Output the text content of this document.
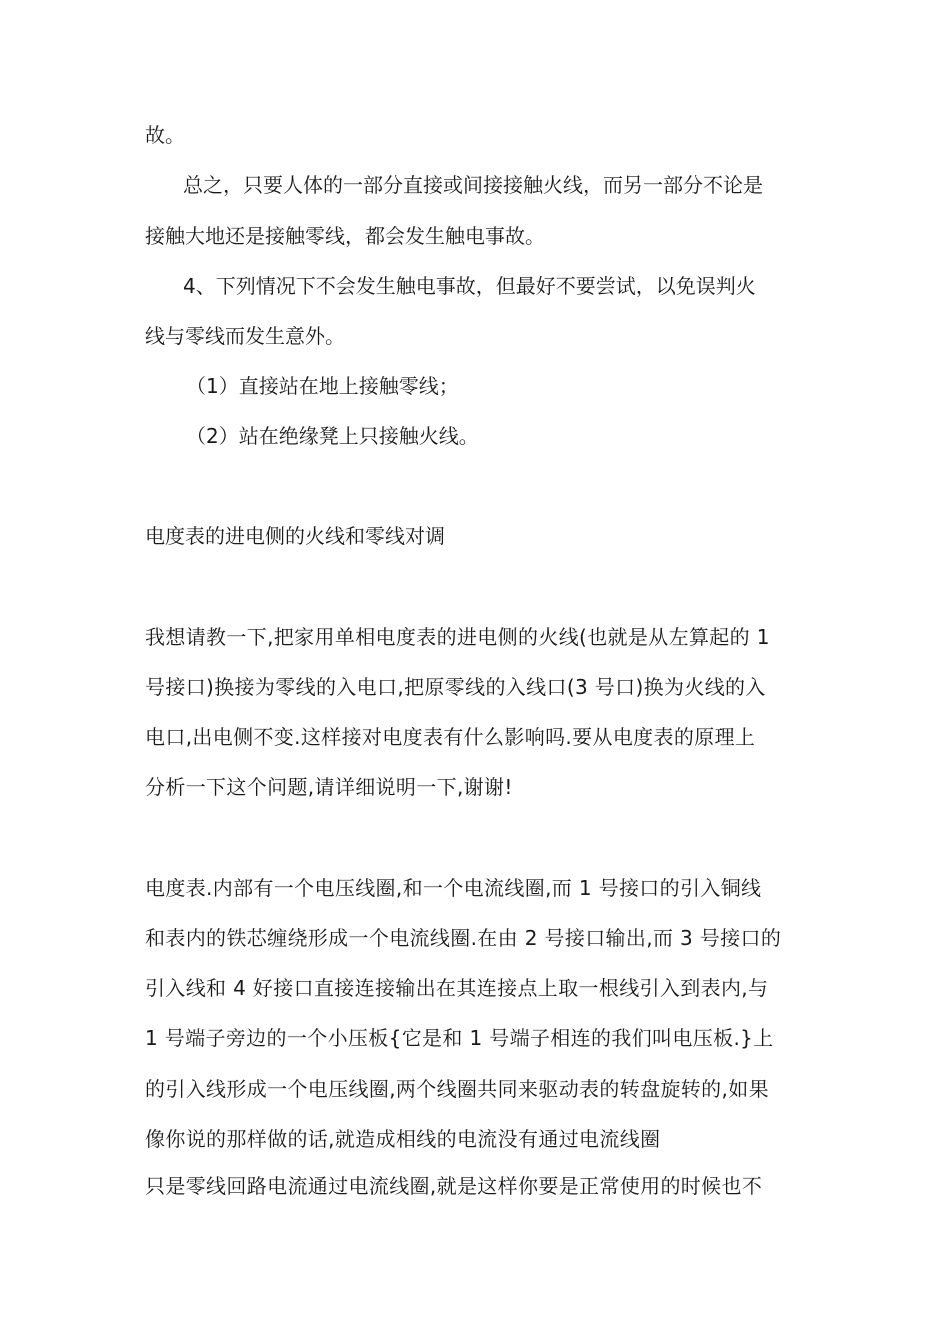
故。
总之，只要人体的一部分直接或间接接触火线，而另一部分不论是
接触大地还是接触零线，都会发生触电事故。
4、下列情况下不会发生触电事故，但最好不要尝试，以免误判火
线与零线而发生意外。
（1）直接站在地上接触零线；
（2）站在绝缘凳上只接触火线。
电度表的进电侧的火线和零线对调
我想请教一下,把家用单相电度表的进电侧的火线(也就是从左算起的 1
号接口)换接为零线的入电口,把原零线的入线口(3 号口)换为火线的入
电口,出电侧不变.这样接对电度表有什么影响吗.要从电度表的原理上
分析一下这个问题,请详细说明一下,谢谢!
电度表.内部有一个电压线圈,和一个电流线圈,而 1 号接口的引入铜线
和表内的铁芯缠绕形成一个电流线圈.在由 2 号接口输出,而 3 号接口的
引入线和 4 好接口直接连接输出在其连接点上取一根线引入到表内,与
1 号端子旁边的一个小压板{它是和 1 号端子相连的我们叫电压板.}上
的引入线形成一个电压线圈,两个线圈共同来驱动表的转盘旋转的,如果
像你说的那样做的话,就造成相线的电流没有通过电流线圈
只是零线回路电流通过电流线圈,就是这样你要是正常使用的时候也不
